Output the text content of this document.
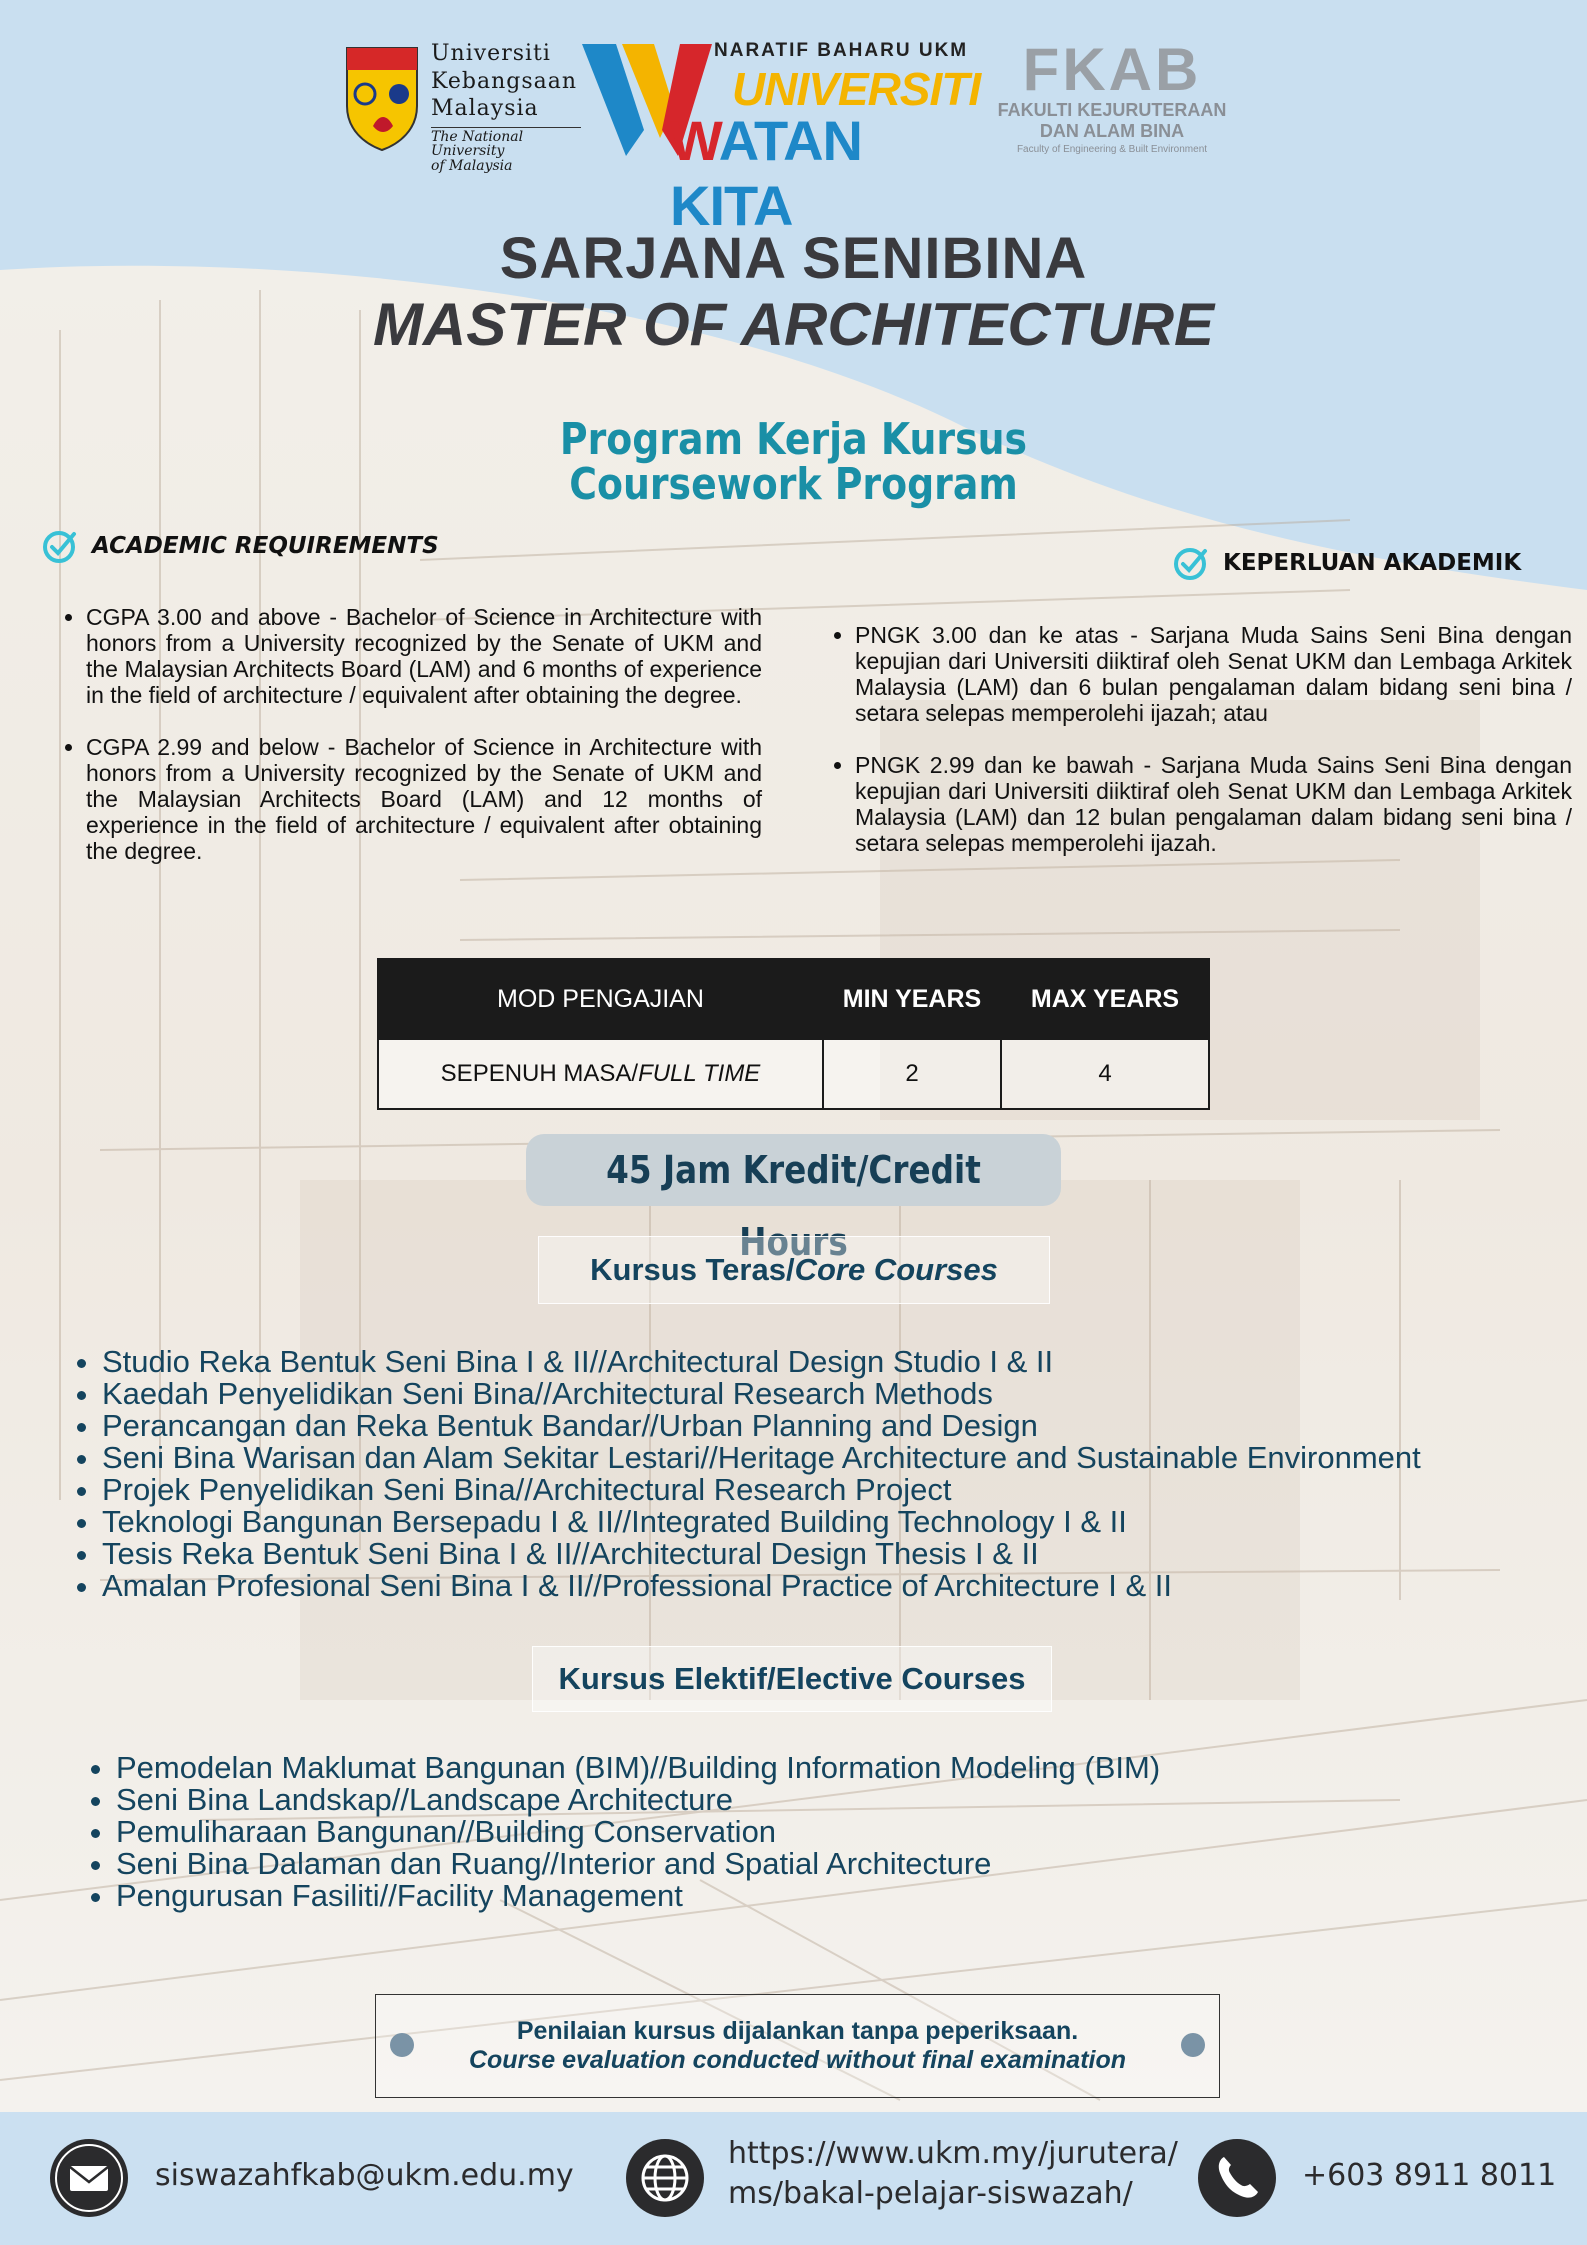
Universiti
Kebangsaan
Malaysia
The National University
of Malaysia
NARATIF BAHARU UKM
UNIVERSITI
WATAN KITA
FKAB
FAKULTI KEJURUTERAAN
DAN ALAM BINA
Faculty of Engineering & Built Environment
SARJANA SENIBINA
MASTER OF ARCHITECTURE
Program Kerja Kursus
Coursework Program
ACADEMIC REQUIREMENTS
KEPERLUAN AKADEMIK
• CGPA 3.00 and above - Bachelor of Science in Architecture with honors from a University recognized by the Senate of UKM and the Malaysian Architects Board (LAM) and 6 months of experience in the field of architecture / equivalent after obtaining the degree.
• CGPA 2.99 and below - Bachelor of Science in Architecture with honors from a University recognized by the Senate of UKM and the Malaysian Architects Board (LAM) and 12 months of experience in the field of architecture / equivalent after obtaining the degree.
• PNGK 3.00 dan ke atas - Sarjana Muda Sains Seni Bina dengan kepujian dari Universiti diiktiraf oleh Senat UKM dan Lembaga Arkitek Malaysia (LAM) dan 6 bulan pengalaman dalam bidang seni bina / setara selepas memperolehi ijazah; atau
• PNGK 2.99 dan ke bawah - Sarjana Muda Sains Seni Bina dengan kepujian dari Universiti diiktiraf oleh Senat UKM dan Lembaga Arkitek Malaysia (LAM) dan 12 bulan pengalaman dalam bidang seni bina / setara selepas memperolehi ijazah.
MOD PENGAJIAN	MIN YEARS	MAX YEARS
SEPENUH MASA/FULL TIME	2	4
45 Jam Kredit/Credit Hours
Kursus Teras/Core Courses
• Studio Reka Bentuk Seni Bina I & II//Architectural Design Studio I & II
• Kaedah Penyelidikan Seni Bina//Architectural Research Methods
• Perancangan dan Reka Bentuk Bandar//Urban Planning and Design
• Seni Bina Warisan dan Alam Sekitar Lestari//Heritage Architecture and Sustainable Environment
• Projek Penyelidikan Seni Bina//Architectural Research Project
• Teknologi Bangunan Bersepadu I & II//Integrated Building Technology I & II
• Tesis Reka Bentuk Seni Bina I & II//Architectural Design Thesis I & II
• Amalan Profesional Seni Bina I & II//Professional Practice of Architecture I & II
Kursus Elektif/Elective Courses
• Pemodelan Maklumat Bangunan (BIM)//Building Information Modeling (BIM)
• Seni Bina Landskap//Landscape Architecture
• Pemuliharaan Bangunan//Building Conservation
• Seni Bina Dalaman dan Ruang//Interior and Spatial Architecture
• Pengurusan Fasiliti//Facility Management
Penilaian kursus dijalankan tanpa peperiksaan.
Course evaluation conducted without final examination
siswazahfkab@ukm.edu.my
https://www.ukm.my/jurutera/
ms/bakal-pelajar-siswazah/
+603 8911 8011
